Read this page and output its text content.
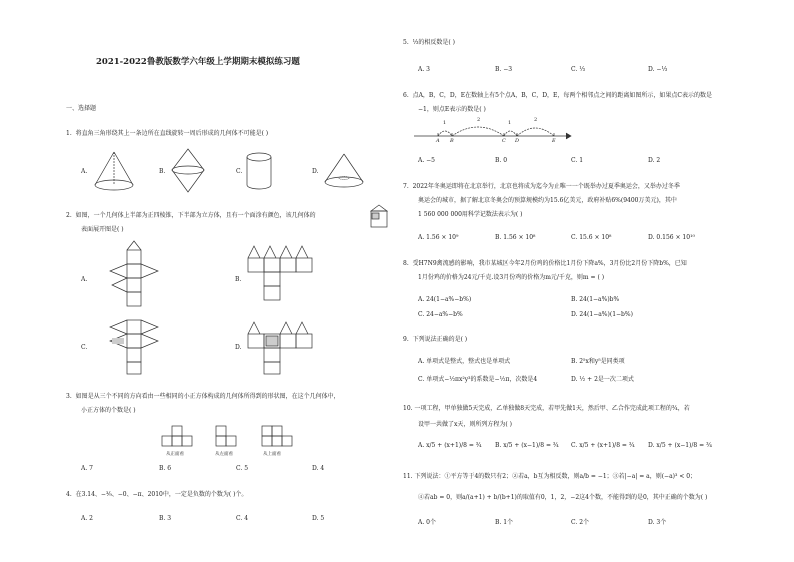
2021-2022鲁教版数学六年级上学期期末模拟练习题
一、选择题
1. 将直角三角形绕其上一条边所在直线旋转一周后形成的几何体不可能是( )
A.	B.	C.	D.
2. 如图，一个几何体上半部为正四棱锥，下半部为立方体，且有一个面涂有颜色，该几何体的
表面展开图是( )
A.	B.
C.	D.
3. 如图是从三个不同的方向看由一些相同的小正方体构成的几何体所得到的形状图，在这个几何体中，
小正方体的个数是( )
从正面看	从左面看	从上面看
A. 7	B. 6	C. 5	D. 4
4. 在3.14、−³⁄₉、−0、−π、2010中，一定是负数的个数为( )个。
A. 2	B. 3	C. 4	D. 5
5. ⅓的相反数是( )
A. 3	B. −3	C. ⅓	D. −⅓
6. 点A，B，C，D，E在数轴上有5个点A，B，C，D，E，每两个相邻点之间的距离如图所示，如果点C表示的数是
−1，则点E表示的数是( )
1	2	1	2
A B	C D	E
A. −5	B. 0	C. 1	D. 2
7. 2022年冬奥运即将在北京举行，北京也将成为迄今为止唯一一个既举办过夏季奥运会，又举办过冬季
奥运会的城市，据了解北京冬奥会的预算规模约为15.6亿美元，政府补贴6%(9400万美元)，其中
1 560 000 000用科学记数法表示为( )
A. 1.56 × 10⁹	B. 1.56 × 10⁸	C. 15.6 × 10⁸	D. 0.156 × 10¹⁰
8. 受H7N9禽流感的影响，我市某城区今年2月份鸡的价格比1月份下降a%，3月份比2月份下降b%，已知
1月份鸡的价格为24元/千克.设3月份鸡的价格为m元/千克，则m = ( )
A. 24(1−a%−b%)	B. 24(1−a%)b%
C. 24−a%−b%	D. 24(1−a%)(1−b%)
9. 下列说法正确的是( )
A. 单项式是整式，整式也是单项式	B. 2⁵x和y⁵是同类项
C. 单项式−½πx²y³的系数是−½π，次数是4	D. ½ + 2是一次二项式
10. 一项工程，甲单独做5天完成，乙单独做8天完成，若甲先做1天，然后甲、乙合作完成此项工程的¾，若
设甲一共做了x天，则所列方程为( )
A. x/5 + (x+1)/8 = ¾ B. x/5 + (x−1)/8 = ¾ C. x/5 + (x+1)/8 = ¾ D. x/5 + (x−1)/8 = ¾
11. 下列说法：①平方等于4的数只有2；②若a，b互为相反数，则a/b = −1；③若|−a| = a，则(−a)³ < 0；
④若ab = 0，则a/(a+1) + b/(b+1)的取值有0，1，2，−2这4个数，不能得到的是0，其中正确的个数为( )
A. 0个	B. 1个	C. 2个	D. 3个
